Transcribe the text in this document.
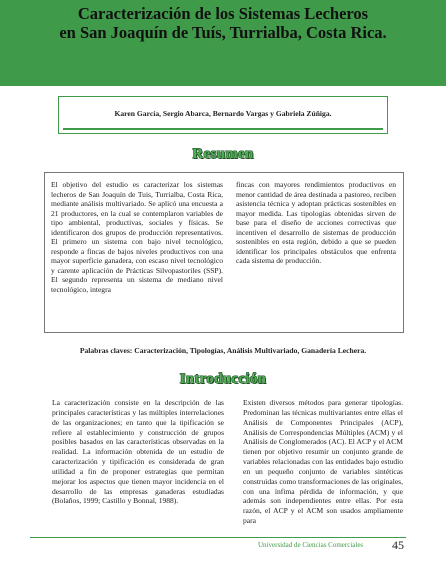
Caracterización de los Sistemas Lecheros
en San Joaquín de Tuís, Turrialba, Costa Rica.
Karen García, Sergio Abarca, Bernardo Vargas y Gabriela Zúñiga.
Resumen

El objetivo del estudio es caracterizar los sistemas lecheros de San Joaquín de Tuis, Turrialba, Costa Rica, mediante análisis multivariado. Se aplicó una encuesta a 21 productores, en la cual se contemplaron variables de tipo ambiental, productivas, sociales y físicas. Se identificaron dos grupos de producción representativos. El primero un sistema con bajo nivel tecnológico, responde a fincas de bajos niveles productivos con una mayor superficie ganadera, con escaso nivel tecnológico y carente aplicación de Prácticas Silvopastoriles (SSP). El segundo representa un sistema de mediano nivel tecnológico, integra

fincas con mayores rendimientos productivos en menor cantidad de área destinada a pastoreo, reciben asistencia técnica y adoptan prácticas sostenibles en mayor medida. Las tipologías obtenidas sirven de base para el diseño de acciones correctivas que incentiven el desarrollo de sistemas de producción sostenibles en esta región, debido a que se pueden identificar los principales obstáculos que enfrenta cada sistema de producción.

Palabras claves: Caracterización, Tipologías, Análisis Multivariado, Ganadería Lechera.

Introducción

La caracterización consiste en la descripción de las principales características y las múltiples interrelaciones de las organizaciones; en tanto que la tipificación se refiere al establecimiento y construcción de grupos posibles basados en las características observadas en la realidad. La información obtenida de un estudio de caracterización y tipificación es considerada de gran utilidad a fin de proponer estrategias que permitan mejorar los aspectos que tienen mayor incidencia en el desarrollo de las empresas ganaderas estudiadas (Bolaños, 1999; Castillo y Bonnal, 1988).

Existen diversos métodos para generar tipologías. Predominan las técnicas multivariantes entre ellas el Análisis de Componentes Principales (ACP), Análisis de Correspondencias Múltiples (ACM) y el Análisis de Conglomerados (AC). El ACP y el ACM tienen por objetivo resumir un conjunto grande de variables relacionadas con las entidades bajo estudio en un pequeño conjunto de variables sintéticas construidas como transformaciones de las originales, con una ínfima pérdida de información, y que además son independientes entre ellas. Por esta razón, el ACP y el ACM son usados ampliamente para

Universidad de Ciencias Comerciales 45
